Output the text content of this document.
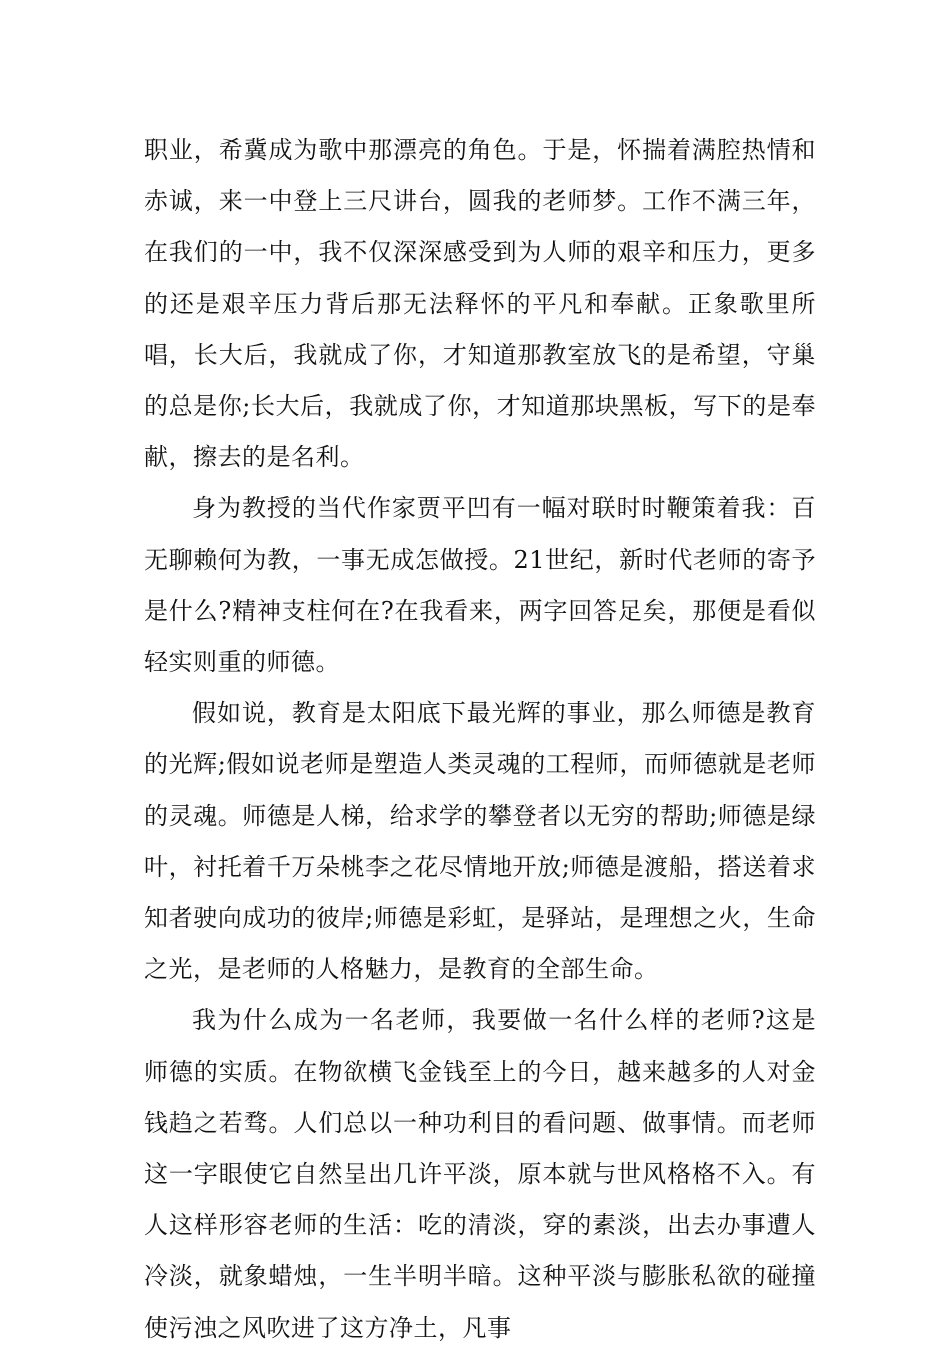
职业，希冀成为歌中那漂亮的角色。于是，怀揣着满腔热情和赤诚，来一中登上三尺讲台，圆我的老师梦。工作不满三年，在我们的一中，我不仅深深感受到为人师的艰辛和压力，更多的还是艰辛压力背后那无法释怀的平凡和奉献。正象歌里所唱，长大后，我就成了你，才知道那教室放飞的是希望，守巢的总是你;长大后，我就成了你，才知道那块黑板，写下的是奉献，擦去的是名利。

身为教授的当代作家贾平凹有一幅对联时时鞭策着我：百无聊赖何为教，一事无成怎做授。21世纪，新时代老师的寄予是什么?精神支柱何在?在我看来，两字回答足矣，那便是看似轻实则重的师德。

假如说，教育是太阳底下最光辉的事业，那么师德是教育的光辉;假如说老师是塑造人类灵魂的工程师，而师德就是老师的灵魂。师德是人梯，给求学的攀登者以无穷的帮助;师德是绿叶，衬托着千万朵桃李之花尽情地开放;师德是渡船，搭送着求知者驶向成功的彼岸;师德是彩虹，是驿站，是理想之火，生命之光，是老师的人格魅力，是教育的全部生命。

我为什么成为一名老师，我要做一名什么样的老师?这是师德的实质。在物欲横飞金钱至上的今日，越来越多的人对金钱趋之若骛。人们总以一种功利目的看问题、做事情。而老师这一字眼使它自然呈出几许平淡，原本就与世风格格不入。有人这样形容老师的生活：吃的清淡，穿的素淡，出去办事遭人冷淡，就象蜡烛，一生半明半暗。这种平淡与膨胀私欲的碰撞使污浊之风吹进了这方净土，凡事
